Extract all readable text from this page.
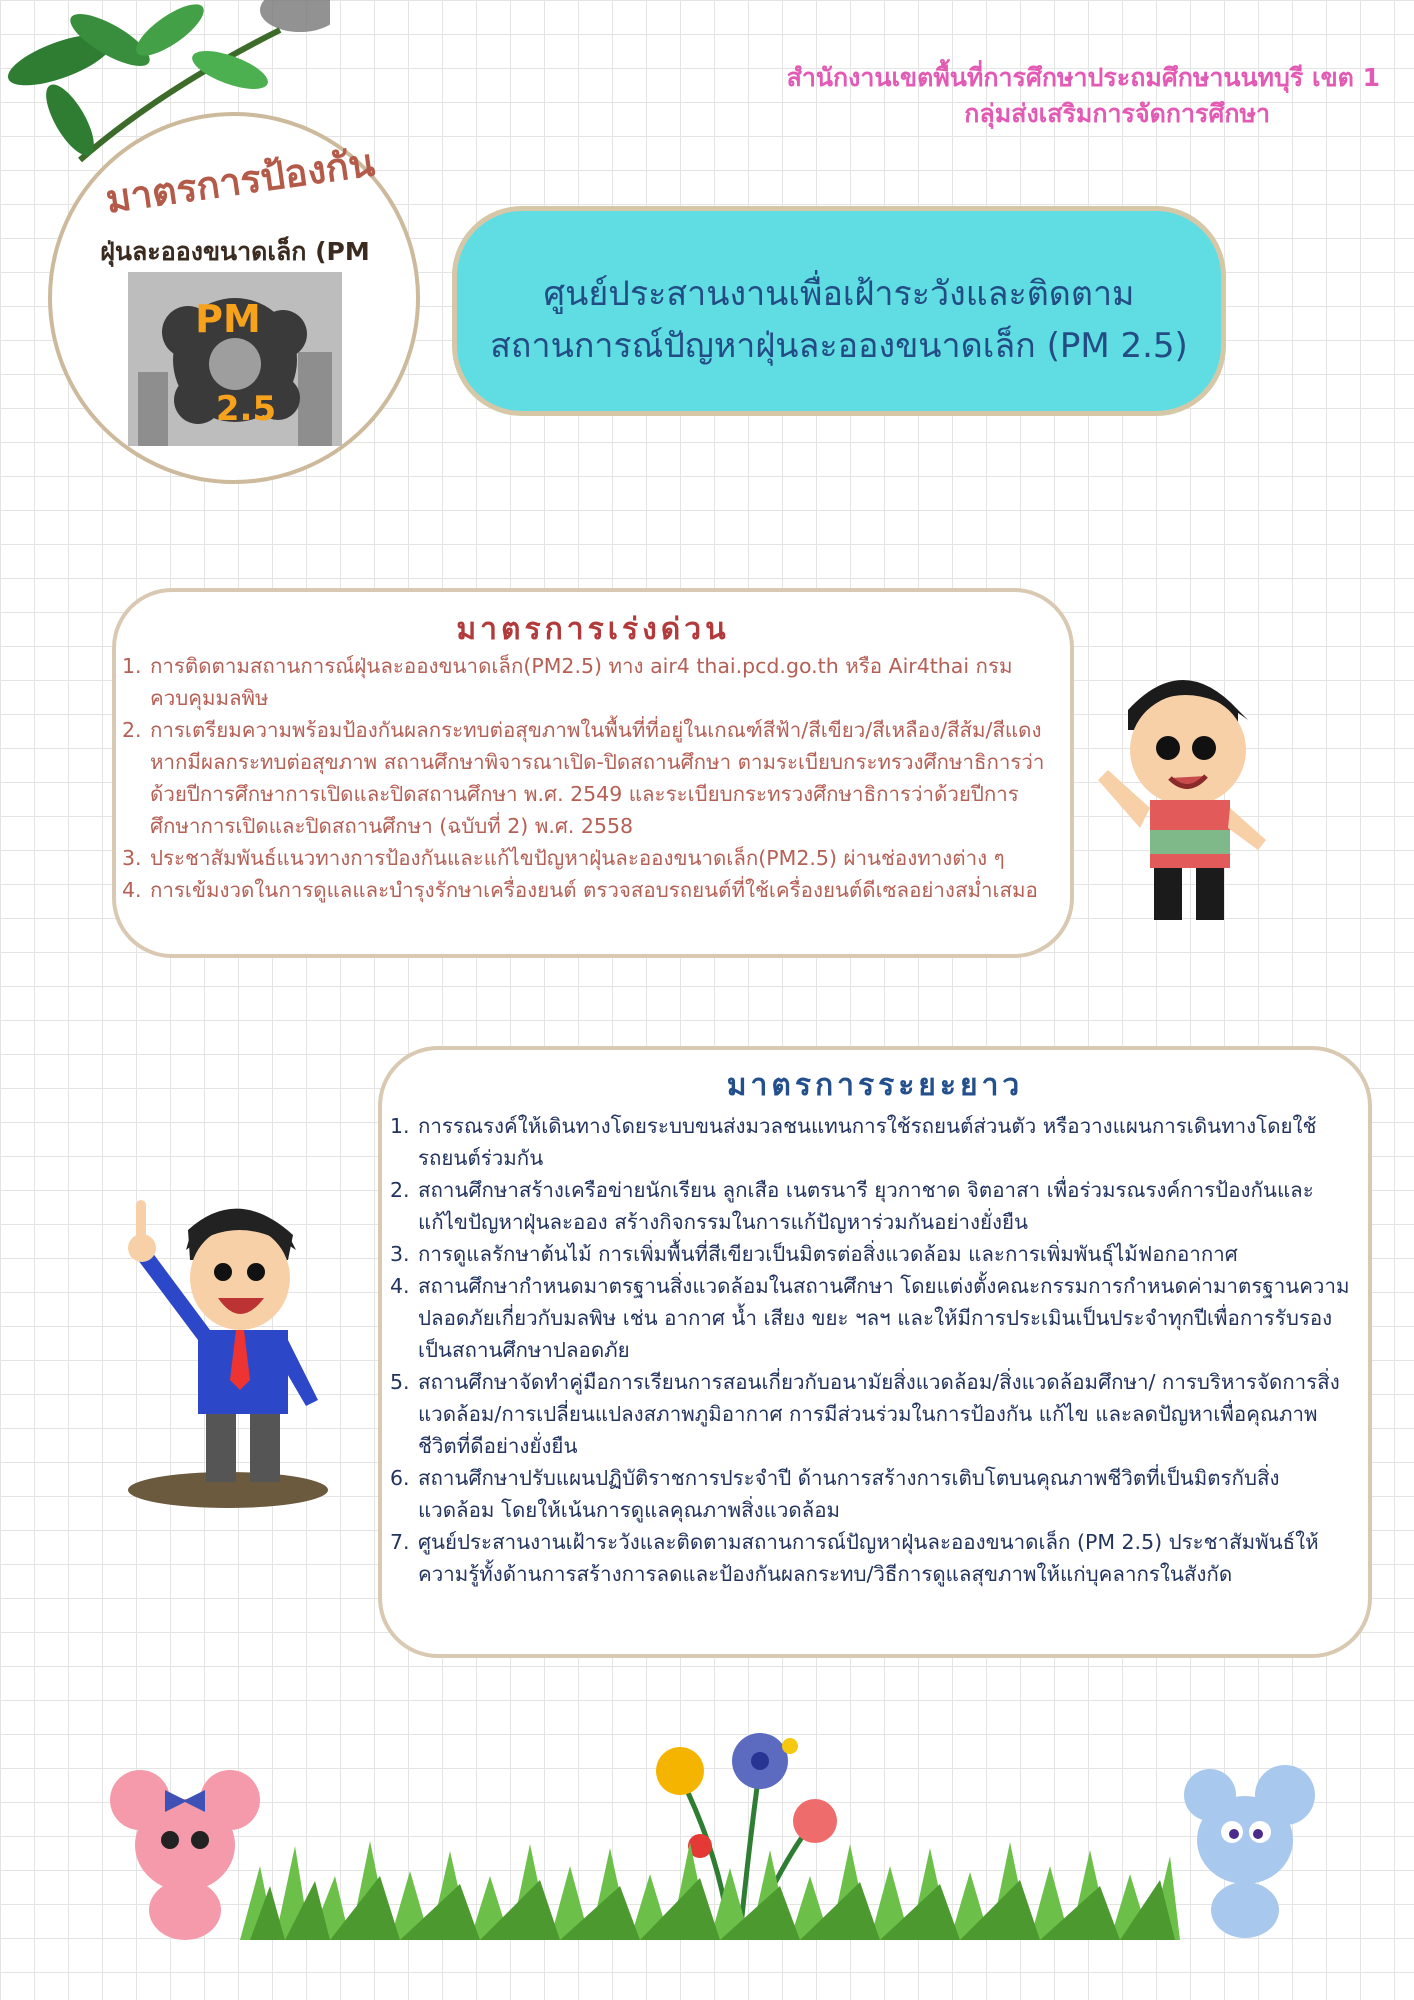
สำนักงานเขตพื้นที่การศึกษาประถมศึกษานนทบุรี เขต 1
กลุ่มส่งเสริมการจัดการศึกษา
มาตรการป้องกัน
ฝุ่นละอองขนาดเล็ก (PM
PM
2.5
ศูนย์ประสานงานเพื่อเฝ้าระวังและติดตาม
สถานการณ์ปัญหาฝุ่นละอองขนาดเล็ก (PM 2.5)
มาตรการเร่งด่วน
1. การติดตามสถานการณ์ฝุ่นละอองขนาดเล็ก(PM2.5) ทาง air4 thai.pcd.go.th หรือ Air4thai กรมควบคุมมลพิษ
2. การเตรียมความพร้อมป้องกันผลกระทบต่อสุขภาพในพื้นที่ที่อยู่ในเกณฑ์สีฟ้า/สีเขียว/สีเหลือง/สีส้ม/สีแดง หากมีผลกระทบต่อสุขภาพ สถานศึกษาพิจารณาเปิด-ปิดสถานศึกษา ตามระเบียบกระทรวงศึกษาธิการว่าด้วยปีการศึกษาการเปิดและปิดสถานศึกษา พ.ศ. 2549 และระเบียบกระทรวงศึกษาธิการว่าด้วยปีการศึกษาการเปิดและปิดสถานศึกษา (ฉบับที่ 2) พ.ศ. 2558
3. ประชาสัมพันธ์แนวทางการป้องกันและแก้ไขปัญหาฝุ่นละอองขนาดเล็ก(PM2.5) ผ่านช่องทางต่าง ๆ
4. การเข้มงวดในการดูแลและบำรุงรักษาเครื่องยนต์ ตรวจสอบรถยนต์ที่ใช้เครื่องยนต์ดีเซลอย่างสม่ำเสมอ
มาตรการระยะยาว
1. การรณรงค์ให้เดินทางโดยระบบขนส่งมวลชนแทนการใช้รถยนต์ส่วนตัว หรือวางแผนการเดินทางโดยใช้รถยนต์ร่วมกัน
2. สถานศึกษาสร้างเครือข่ายนักเรียน ลูกเสือ เนตรนารี ยุวกาชาด จิตอาสา เพื่อร่วมรณรงค์การป้องกันและแก้ไขปัญหาฝุ่นละออง สร้างกิจกรรมในการแก้ปัญหาร่วมกันอย่างยั่งยืน
3. การดูแลรักษาต้นไม้ การเพิ่มพื้นที่สีเขียวเป็นมิตรต่อสิ่งแวดล้อม และการเพิ่มพันธุ์ไม้ฟอกอากาศ
4. สถานศึกษากำหนดมาตรฐานสิ่งแวดล้อมในสถานศึกษา โดยแต่งตั้งคณะกรรมการกำหนดค่ามาตรฐานความปลอดภัยเกี่ยวกับมลพิษ เช่น อากาศ น้ำ เสียง ขยะ ฯลฯ และให้มีการประเมินเป็นประจำทุกปีเพื่อการรับรองเป็นสถานศึกษาปลอดภัย
5. สถานศึกษาจัดทำคู่มือการเรียนการสอนเกี่ยวกับอนามัยสิ่งแวดล้อม/สิ่งแวดล้อมศึกษา/ การบริหารจัดการสิ่งแวดล้อม/การเปลี่ยนแปลงสภาพภูมิอากาศ การมีส่วนร่วมในการป้องกัน แก้ไข และลดปัญหาเพื่อคุณภาพชีวิตที่ดีอย่างยั่งยืน
6. สถานศึกษาปรับแผนปฏิบัติราชการประจำปี ด้านการสร้างการเติบโตบนคุณภาพชีวิตที่เป็นมิตรกับสิ่งแวดล้อม โดยให้เน้นการดูแลคุณภาพสิ่งแวดล้อม
7. ศูนย์ประสานงานเฝ้าระวังและติดตามสถานการณ์ปัญหาฝุ่นละอองขนาดเล็ก (PM 2.5) ประชาสัมพันธ์ให้ความรู้ทั้งด้านการสร้างการลดและป้องกันผลกระทบ/วิธีการดูแลสุขภาพให้แก่บุคลากรในสังกัด
